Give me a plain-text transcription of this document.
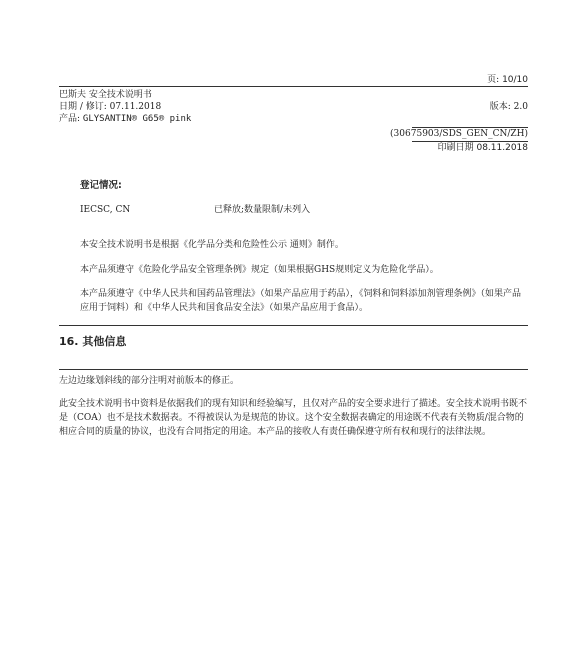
页: 10/10
巴斯夫 安全技术说明书
日期 / 修订: 07.11.2018	版本: 2.0
产品: GLYSANTIN® G65® pink
(30675903/SDS_GEN_CN/ZH)
印刷日期 08.11.2018
登记情况:
IECSC, CN	已释放;数量限制/未列入
本安全技术说明书是根据《化学品分类和危险性公示 通则》制作。
本产品须遵守《危险化学品安全管理条例》规定（如果根据GHS规则定义为危险化学品）。
本产品须遵守《中华人民共和国药品管理法》（如果产品应用于药品），《饲料和饲料添加剂管理条例》（如果产品应用于饲料）和《中华人民共和国食品安全法》（如果产品应用于食品）。
16. 其他信息
左边边缘划斜线的部分注明对前版本的修正。
此安全技术说明书中资料是依据我们的现有知识和经验编写，且仅对产品的安全要求进行了描述。安全技术说明书既不是（COA）也不是技术数据表。不得被误认为是规范的协议。这个安全数据表确定的用途既不代表有关物质/混合物的相应合同的质量的协议，也没有合同指定的用途。本产品的接收人有责任确保遵守所有权和现行的法律法规。
